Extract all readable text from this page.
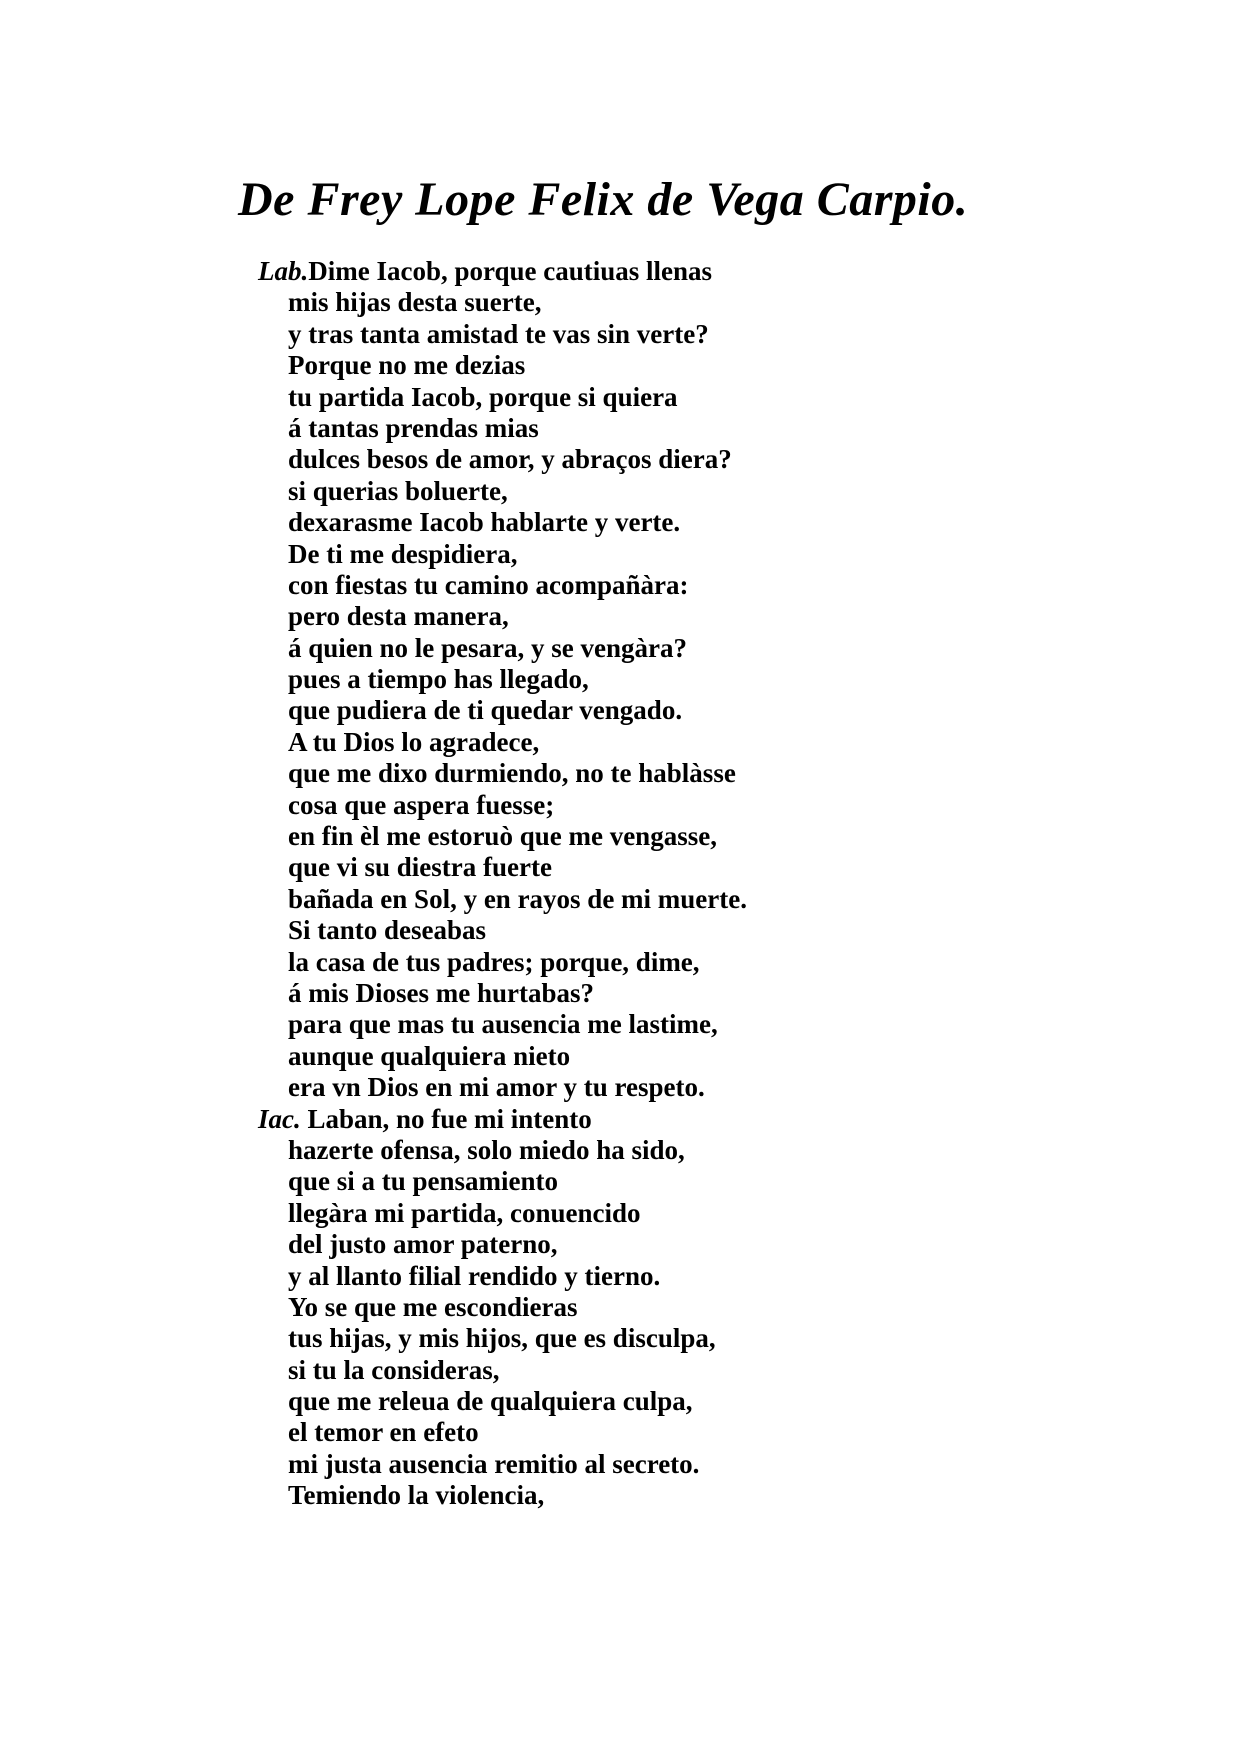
De Frey Lope Felix de Vega Carpio.
Lab.Dime Iacob, porque cautiuas llenas
mis hijas desta suerte,
y tras tanta amistad te vas sin verte?
Porque no me dezias
tu partida Iacob, porque si quiera
á tantas prendas mias
dulces besos de amor, y abraços diera?
si querias boluerte,
dexarasme Iacob hablarte y verte.
De ti me despidiera,
con fiestas tu camino acompañàra:
pero desta manera,
á quien no le pesara, y se vengàra?
pues a tiempo has llegado,
que pudiera de ti quedar vengado.
A tu Dios lo agradece,
que me dixo durmiendo, no te hablàsse
cosa que aspera fuesse;
en fin èl me estoruò que me vengasse,
que vi su diestra fuerte
bañada en Sol, y en rayos de mi muerte.
Si tanto deseabas
la casa de tus padres; porque, dime,
á mis Dioses me hurtabas?
para que mas tu ausencia me lastime,
aunque qualquiera nieto
era vn Dios en mi amor y tu respeto.
Iac. Laban, no fue mi intento
hazerte ofensa, solo miedo ha sido,
que si a tu pensamiento
llegàra mi partida, conuencido
del justo amor paterno,
y al llanto filial rendido y tierno.
Yo se que me escondieras
tus hijas, y mis hijos, que es disculpa,
si tu la consideras,
que me releua de qualquiera culpa,
el temor en efeto
mi justa ausencia remitio al secreto.
Temiendo la violencia,
